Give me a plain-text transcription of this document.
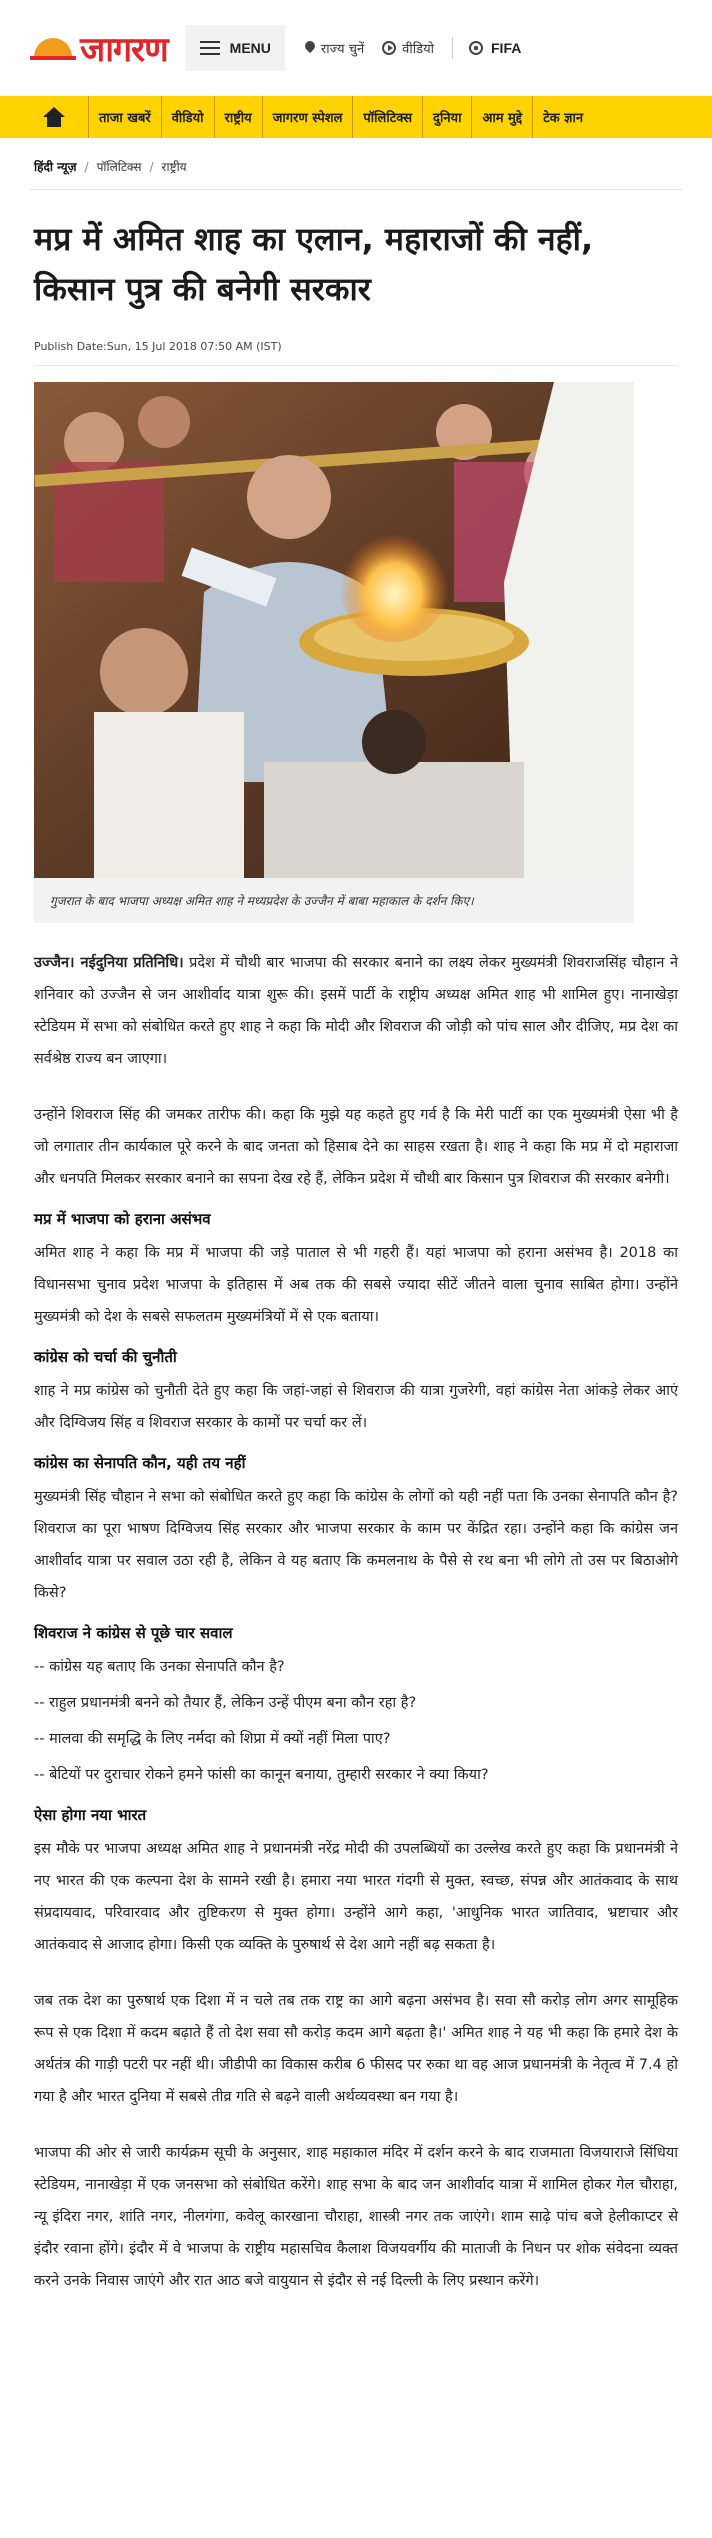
जागरण	MENU	राज्य चुनें	वीडियो	FIFA
ताजा खबरें	वीडियो	राष्ट्रीय	जागरण स्पेशल	पॉलिटिक्स	दुनिया	आम मुद्दे	टेक ज्ञान
हिंदी न्यूज़ / पॉलिटिक्स / राष्ट्रीय
मप्र में अमित शाह का एलान, महाराजों की नहीं, किसान पुत्र की बनेगी सरकार
Publish Date:Sun, 15 Jul 2018 07:50 AM (IST)
गुजरात के बाद भाजपा अध्यक्ष अमित शाह ने मध्यप्रदेश के उज्जैन में बाबा महाकाल के दर्शन किए।

उज्जैन। नईदुनिया प्रतिनिधि। प्रदेश में चौथी बार भाजपा की सरकार बनाने का लक्ष्य लेकर मुख्यमंत्री शिवराजसिंह चौहान ने शनिवार को उज्जैन से जन आशीर्वाद यात्रा शुरू की। इसमें पार्टी के राष्ट्रीय अध्यक्ष अमित शाह भी शामिल हुए। नानाखेड़ा स्टेडियम में सभा को संबोधित करते हुए शाह ने कहा कि मोदी और शिवराज की जोड़ी को पांच साल और दीजिए, मप्र देश का सर्वश्रेष्ठ राज्य बन जाएगा।

उन्होंने शिवराज सिंह की जमकर तारीफ की। कहा कि मुझे यह कहते हुए गर्व है कि मेरी पार्टी का एक मुख्यमंत्री ऐसा भी है जो लगातार तीन कार्यकाल पूरे करने के बाद जनता को हिसाब देने का साहस रखता है। शाह ने कहा कि मप्र में दो महाराजा और धनपति मिलकर सरकार बनाने का सपना देख रहे हैं, लेकिन प्रदेश में चौथी बार किसान पुत्र शिवराज की सरकार बनेगी।

मप्र में भाजपा को हराना असंभव

अमित शाह ने कहा कि मप्र में भाजपा की जड़े पाताल से भी गहरी हैं। यहां भाजपा को हराना असंभव है। 2018 का विधानसभा चुनाव प्रदेश भाजपा के इतिहास में अब तक की सबसे ज्यादा सीटें जीतने वाला चुनाव साबित होगा। उन्होंने मुख्यमंत्री को देश के सबसे सफलतम मुख्यमंत्रियों में से एक बताया।

कांग्रेस को चर्चा की चुनौती

शाह ने मप्र कांग्रेस को चुनौती देते हुए कहा कि जहां-जहां से शिवराज की यात्रा गुजरेगी, वहां कांग्रेस नेता आंकड़े लेकर आएं और दिग्विजय सिंह व शिवराज सरकार के कामों पर चर्चा कर लें।

कांग्रेस का सेनापति कौन, यही तय नहीं

मुख्यमंत्री सिंह चौहान ने सभा को संबोधित करते हुए कहा कि कांग्रेस के लोगों को यही नहीं पता कि उनका सेनापति कौन है? शिवराज का पूरा भाषण दिग्विजय सिंह सरकार और भाजपा सरकार के काम पर केंद्रित रहा। उन्होंने कहा कि कांग्रेस जन आशीर्वाद यात्रा पर सवाल उठा रही है, लेकिन वे यह बताए कि कमलनाथ के पैसे से रथ बना भी लोगे तो उस पर बिठाओगे किसे?

शिवराज ने कांग्रेस से पूछे चार सवाल

-- कांग्रेस यह बताए कि उनका सेनापति कौन है?

-- राहुल प्रधानमंत्री बनने को तैयार हैं, लेकिन उन्हें पीएम बना कौन रहा है?

-- मालवा की समृद्धि के लिए नर्मदा को शिप्रा में क्यों नहीं मिला पाए?

-- बेटियों पर दुराचार रोकने हमने फांसी का कानून बनाया, तुम्हारी सरकार ने क्या किया?

ऐसा होगा नया भारत

इस मौके पर भाजपा अध्यक्ष अमित शाह ने प्रधानमंत्री नरेंद्र मोदी की उपलब्धियों का उल्लेख करते हुए कहा कि प्रधानमंत्री ने नए भारत की एक कल्पना देश के सामने रखी है। हमारा नया भारत गंदगी से मुक्त, स्वच्छ, संपन्न और आतंकवाद के साथ संप्रदायवाद, परिवारवाद और तुष्टिकरण से मुक्त होगा। उन्होंने आगे कहा, 'आधुनिक भारत जातिवाद, भ्रष्टाचार और आतंकवाद से आजाद होगा। किसी एक व्यक्ति के पुरुषार्थ से देश आगे नहीं बढ़ सकता है।

जब तक देश का पुरुषार्थ एक दिशा में न चले तब तक राष्ट्र का आगे बढ़ना असंभव है। सवा सौ करोड़ लोग अगर सामूहिक रूप से एक दिशा में कदम बढ़ाते हैं तो देश सवा सौ करोड़ कदम आगे बढ़ता है।' अमित शाह ने यह भी कहा कि हमारे देश के अर्थतंत्र की गाड़ी पटरी पर नहीं थी। जीडीपी का विकास करीब 6 फीसद पर रुका था वह आज प्रधानमंत्री के नेतृत्व में 7.4 हो गया है और भारत दुनिया में सबसे तीव्र गति से बढ़ने वाली अर्थव्यवस्था बन गया है।

भाजपा की ओर से जारी कार्यक्रम सूची के अनुसार, शाह महाकाल मंदिर में दर्शन करने के बाद राजमाता विजयाराजे सिंधिया स्टेडियम, नानाखेड़ा में एक जनसभा को संबोधित करेंगे। शाह सभा के बाद जन आशीर्वाद यात्रा में शामिल होकर गेल चौराहा, न्यू इंदिरा नगर, शांति नगर, नीलगंगा, कवेलू कारखाना चौराहा, शास्त्री नगर तक जाएंगे। शाम साढ़े पांच बजे हेलीकाप्टर से इंदौर रवाना होंगे। इंदौर में वे भाजपा के राष्ट्रीय महासचिव कैलाश विजयवर्गीय की माताजी के निधन पर शोक संवेदना व्यक्त करने उनके निवास जाएंगे और रात आठ बजे वायुयान से इंदौर से नई दिल्ली के लिए प्रस्थान करेंगे।
